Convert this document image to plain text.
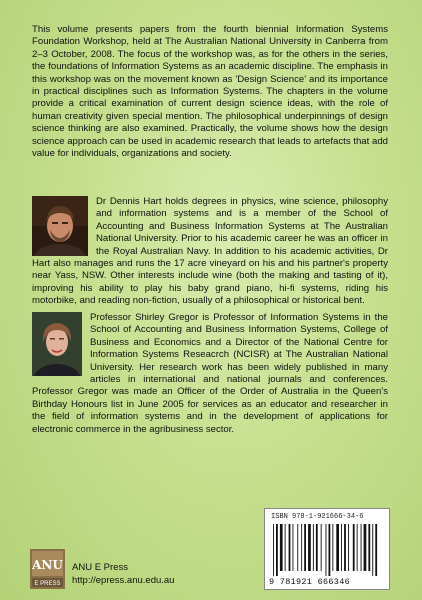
This volume presents papers from the fourth biennial Information Systems Foundation Workshop, held at The Australian National University in Canberra from 2–3 October, 2008. The focus of the workshop was, as for the others in the series, the foundations of Information Systems as an academic discipline. The emphasis in this workshop was on the movement known as 'Design Science' and its importance in practical disciplines such as Information Systems. The chapters in the volume provide a critical examination of current design science ideas, with the role of human creativity given special mention. The philosophical underpinnings of design science thinking are also examined. Practically, the volume shows how the design science approach can be used in academic research that leads to artefacts that add value for individuals, organizations and society.

Dr Dennis Hart holds degrees in physics, wine science, philosophy and information systems and is a member of the School of Accounting and Business Information Systems at The Australian National University. Prior to his academic career he was an officer in the Royal Australian Navy. In addition to his academic activities, Dr Hart also manages and runs the 17 acre vineyard on his and his partner's property near Yass, NSW. Other interests include wine (both the making and tasting of it), improving his ability to play his baby grand piano, hi-fi systems, riding his motorbike, and reading non-fiction, usually of a philosophical or historical bent.

Professor Shirley Gregor is Professor of Information Systems in the School of Accounting and Business Information Systems, College of Business and Economics and a Director of the National Centre for Information Systems Reseacrch (NCISR) at The Australian National University. Her research work has been widely published in many articles in international and national journals and conferences. Professor Gregor was made an Officer of the Order of Australia in the Queen's Birthday Honours list in June 2005 for services as an educator and researcher in the field of information systems and in the development of applications for electronic commerce in the agribusiness sector.

ISBN 978-1-921666-34-6
9 781921 666346
ANU
E PRESS
ANU E Press
http://epress.anu.edu.au
